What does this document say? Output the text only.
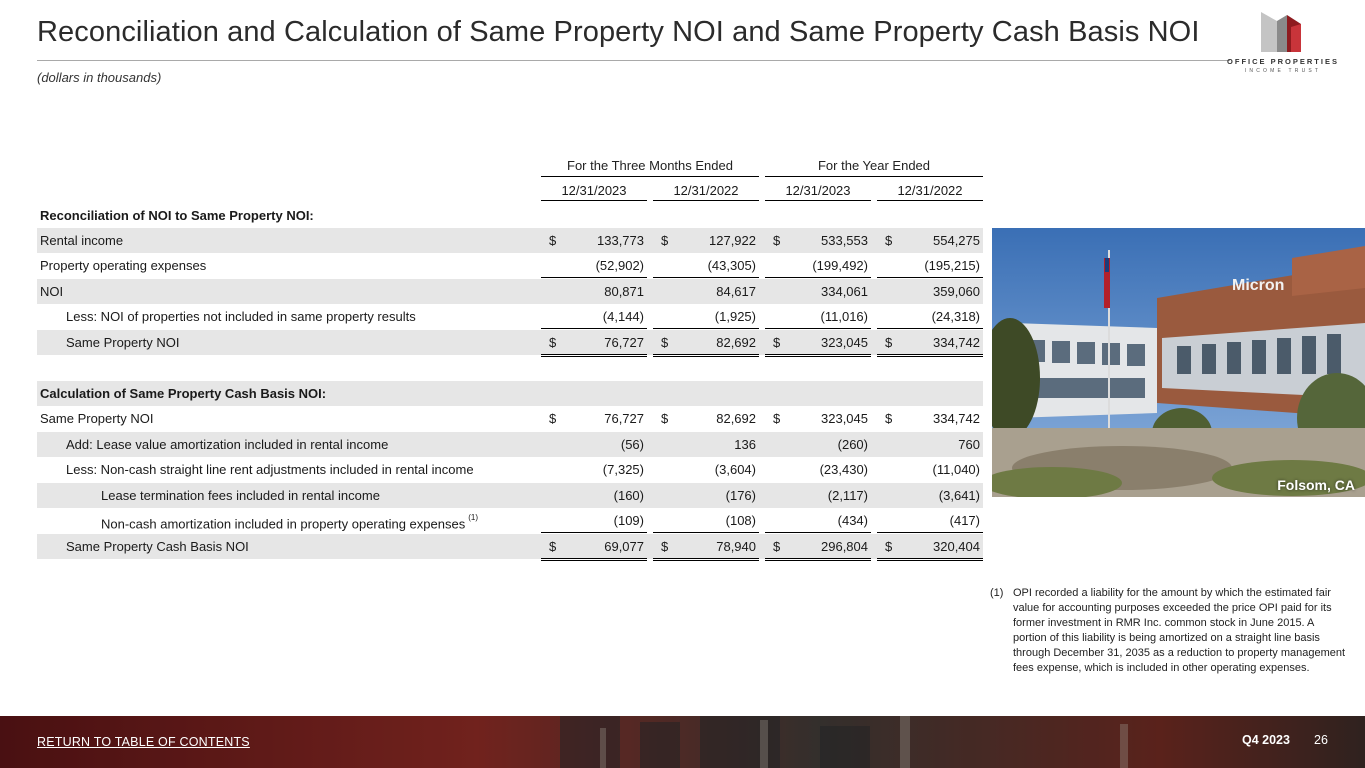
Reconciliation and Calculation of Same Property NOI and Same Property Cash Basis NOI
(dollars in thousands)
OFFICE PROPERTIES
INCOME TRUST
For the Three Months Ended	For the Year Ended
12/31/2023	12/31/2022	12/31/2023	12/31/2022
Reconciliation of NOI to Same Property NOI:
Rental income	$	133,773 $	127,922 $	533,553 $	554,275
Property operating expenses	(52,902)	(43,305)	(199,492)	(195,215)
NOI	80,871	84,617	334,061	359,060
Less: NOI of properties not included in same property results	(4,144)	(1,925)	(11,016)	(24,318)
Same Property NOI	$	76,727 $	82,692 $	323,045 $	334,742
Calculation of Same Property Cash Basis NOI:
Same Property NOI	$	76,727 $	82,692 $	323,045 $	334,742
Add: Lease value amortization included in rental income	(56)	136	(260)	760
Less: Non-cash straight line rent adjustments included in rental income	(7,325)	(3,604)	(23,430)	(11,040)
Lease termination fees included in rental income	(160)	(176)	(2,117)	(3,641)
Non-cash amortization included in property operating expenses $^{(1)}$	(109)	(108)	(434)	(417)
Same Property Cash Basis NOI	$	69,077 $	78,940 $	296,804 $	320,404
Micron
Folsom, CA
(1) OPI recorded a liability for the amount by which the estimated fair value for accounting purposes exceeded the price OPI paid for its former investment in RMR Inc. common stock in June 2015. A portion of this liability is being amortized on a straight line basis through December 31, 2035 as a reduction to property management fees expense, which is included in other operating expenses.
RETURN TO TABLE OF CONTENTS	Q4 2023 26
